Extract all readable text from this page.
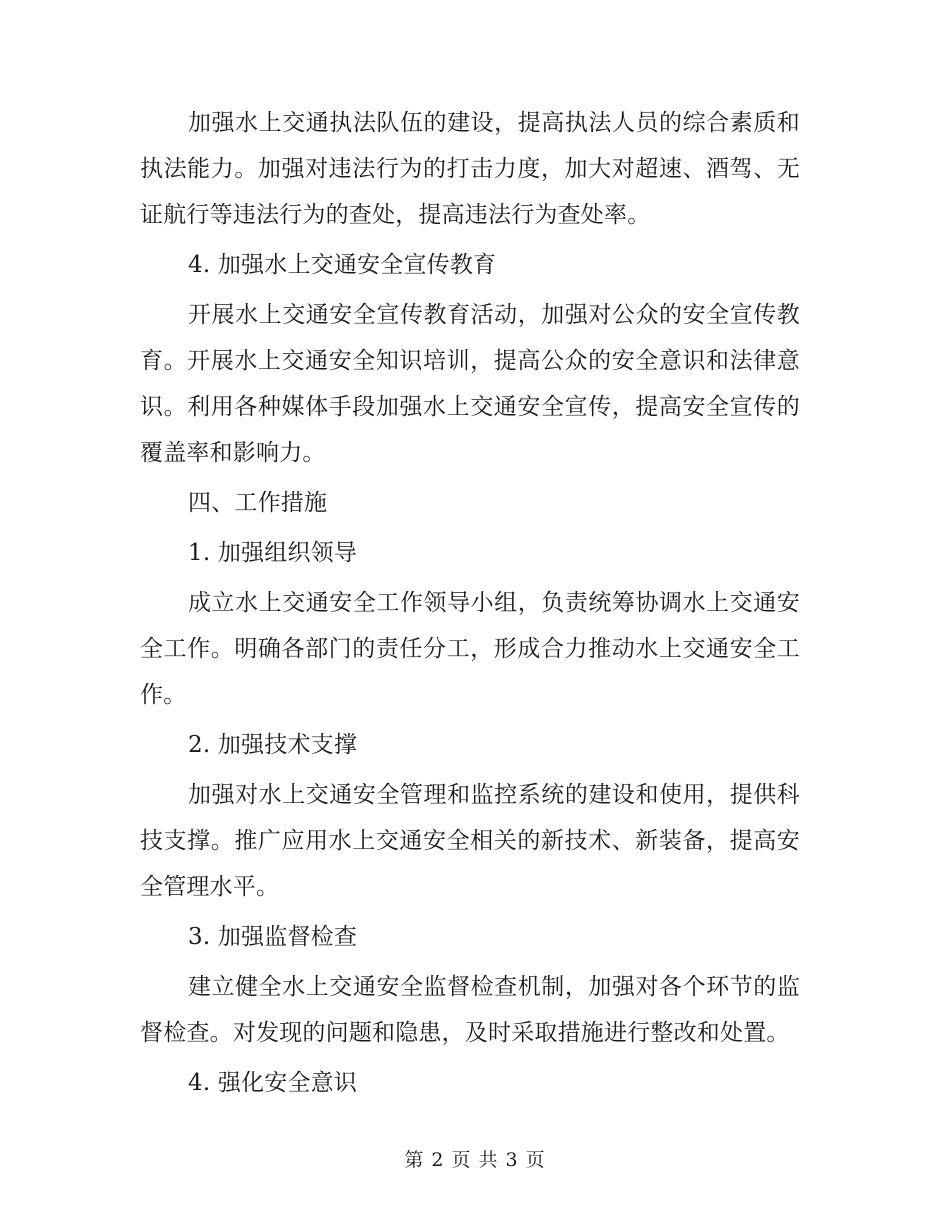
加强水上交通执法队伍的建设，提高执法人员的综合素质和执法能力。加强对违法行为的打击力度，加大对超速、酒驾、无证航行等违法行为的查处，提高违法行为查处率。

4. 加强水上交通安全宣传教育

开展水上交通安全宣传教育活动，加强对公众的安全宣传教育。开展水上交通安全知识培训，提高公众的安全意识和法律意识。利用各种媒体手段加强水上交通安全宣传，提高安全宣传的覆盖率和影响力。

四、工作措施

1. 加强组织领导

成立水上交通安全工作领导小组，负责统筹协调水上交通安全工作。明确各部门的责任分工，形成合力推动水上交通安全工作。

2. 加强技术支撑

加强对水上交通安全管理和监控系统的建设和使用，提供科技支撑。推广应用水上交通安全相关的新技术、新装备，提高安全管理水平。

3. 加强监督检查

建立健全水上交通安全监督检查机制，加强对各个环节的监督检查。对发现的问题和隐患，及时采取措施进行整改和处置。

4. 强化安全意识

第 2 页 共 3 页
